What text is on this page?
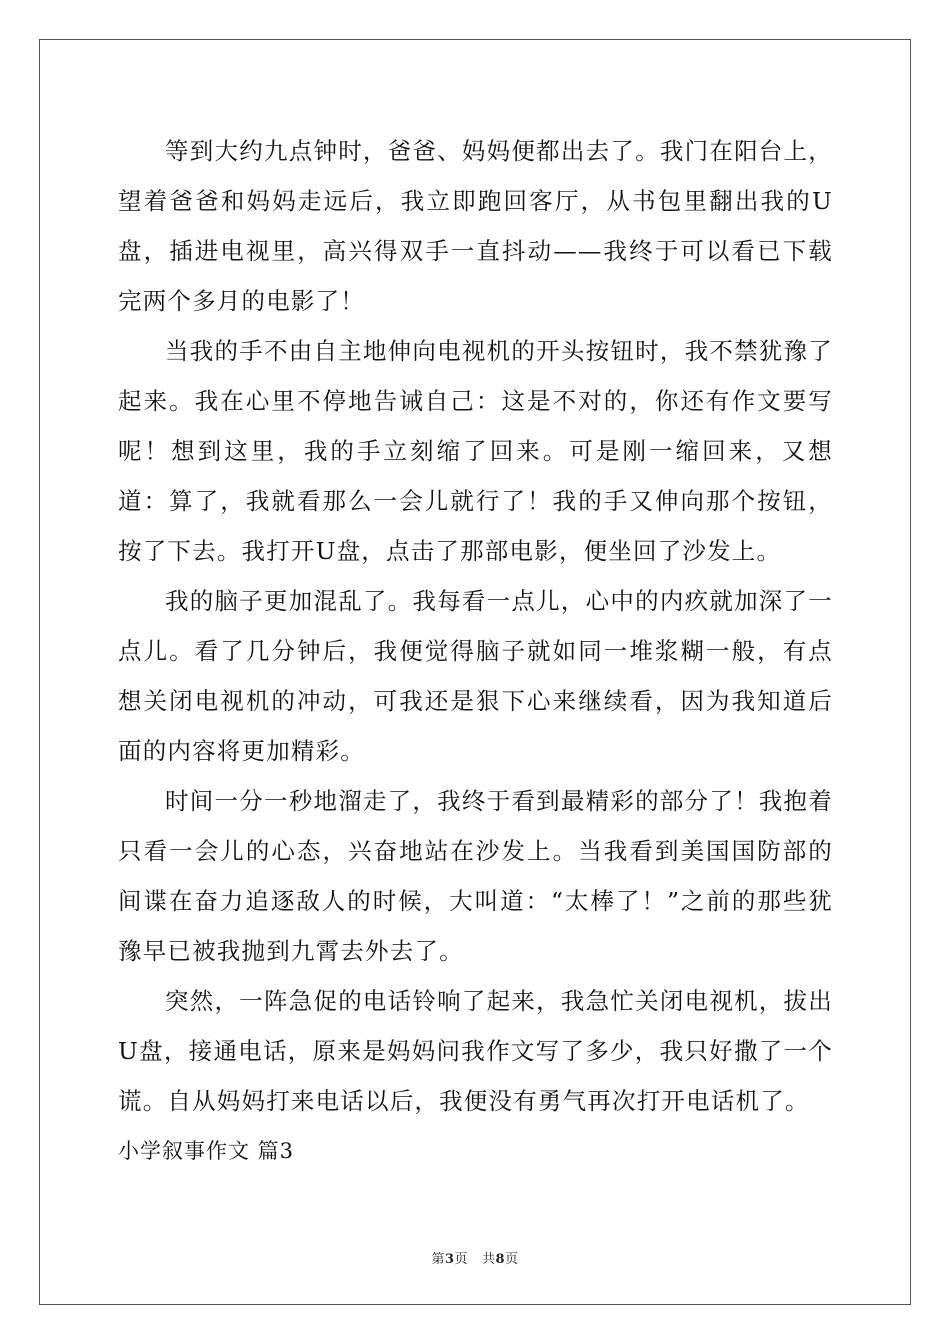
等到大约九点钟时，爸爸、妈妈便都出去了。我门在阳台上，望着爸爸和妈妈走远后，我立即跑回客厅，从书包里翻出我的U盘，插进电视里，高兴得双手一直抖动——我终于可以看已下载完两个多月的电影了！

当我的手不由自主地伸向电视机的开头按钮时，我不禁犹豫了起来。我在心里不停地告诫自己：这是不对的，你还有作文要写呢！想到这里，我的手立刻缩了回来。可是刚一缩回来，又想道：算了，我就看那么一会儿就行了！我的手又伸向那个按钮，按了下去。我打开U盘，点击了那部电影，便坐回了沙发上。

我的脑子更加混乱了。我每看一点儿，心中的内疚就加深了一点儿。看了几分钟后，我便觉得脑子就如同一堆浆糊一般，有点想关闭电视机的冲动，可我还是狠下心来继续看，因为我知道后面的内容将更加精彩。

时间一分一秒地溜走了，我终于看到最精彩的部分了！我抱着只看一会儿的心态，兴奋地站在沙发上。当我看到美国国防部的间谍在奋力追逐敌人的时候，大叫道：“太棒了！”之前的那些犹豫早已被我抛到九霄去外去了。

突然，一阵急促的电话铃响了起来，我急忙关闭电视机，拔出U盘，接通电话，原来是妈妈问我作文写了多少，我只好撒了一个谎。自从妈妈打来电话以后，我便没有勇气再次打开电话机了。

小学叙事作文 篇3

第3页 共8页
